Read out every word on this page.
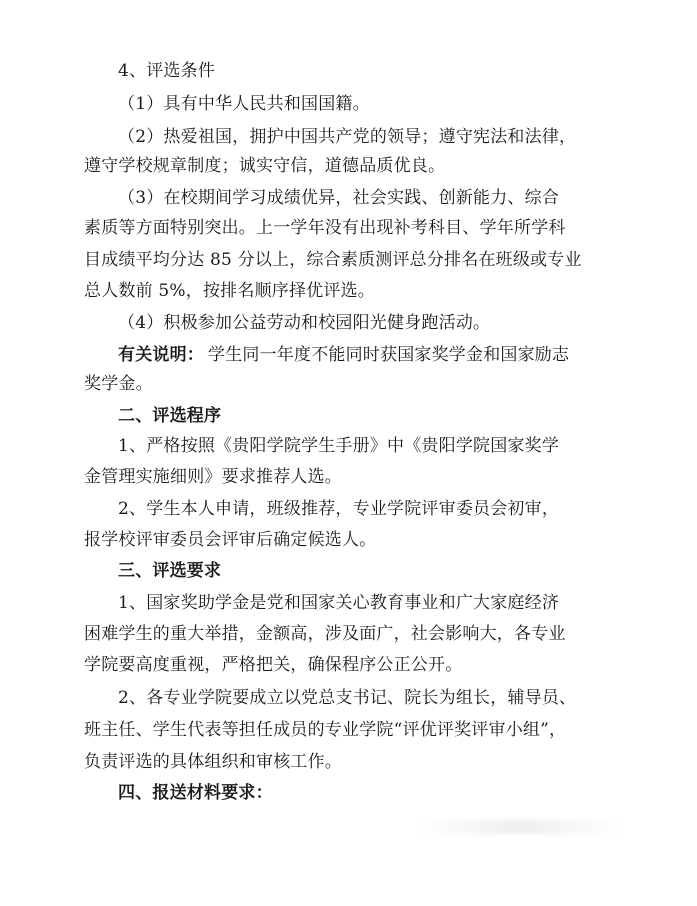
4、评选条件
（1）具有中华人民共和国国籍。
（2）热爱祖国，拥护中国共产党的领导；遵守宪法和法律，
遵守学校规章制度；诚实守信，道德品质优良。
（3）在校期间学习成绩优异，社会实践、创新能力、综合
素质等方面特别突出。上一学年没有出现补考科目、学年所学科
目成绩平均分达 85 分以上，综合素质测评总分排名在班级或专业
总人数前 5%，按排名顺序择优评选。
（4）积极参加公益劳动和校园阳光健身跑活动。
有关说明： 学生同一年度不能同时获国家奖学金和国家励志
奖学金。
二、评选程序
1、严格按照《贵阳学院学生手册》中《贵阳学院国家奖学
金管理实施细则》要求推荐人选。
2、学生本人申请，班级推荐，专业学院评审委员会初审，
报学校评审委员会评审后确定候选人。
三、评选要求
1、国家奖助学金是党和国家关心教育事业和广大家庭经济
困难学生的重大举措，金额高，涉及面广，社会影响大，各专业
学院要高度重视，严格把关，确保程序公正公开。
2、各专业学院要成立以党总支书记、院长为组长，辅导员、
班主任、学生代表等担任成员的专业学院“评优评奖评审小组”，
负责评选的具体组织和审核工作。
四、报送材料要求：
